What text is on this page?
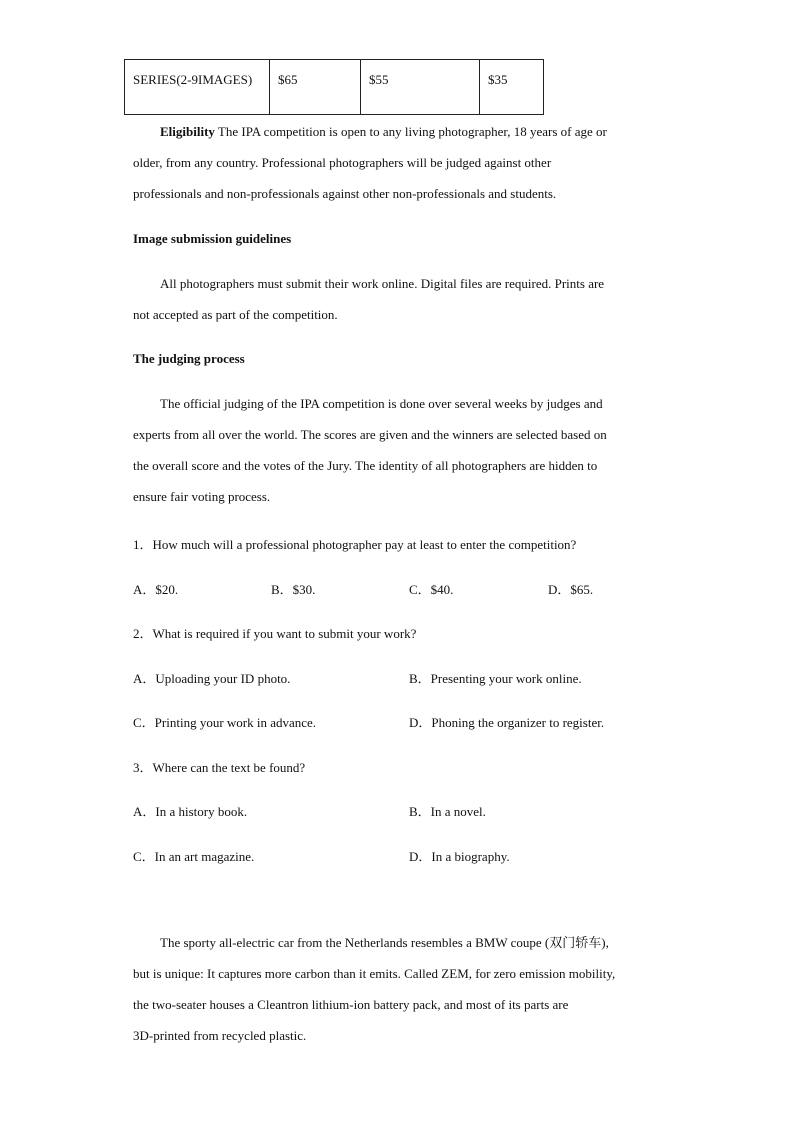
SERIES(2-9IMAGES)	$65	$55	$35
Eligibility The IPA competition is open to any living photographer, 18 years of age or
older, from any country. Professional photographers will be judged against other
professionals and non-professionals against other non-professionals and students.
Image submission guidelines
All photographers must submit their work online. Digital files are required. Prints are
not accepted as part of the competition.
The judging process
The official judging of the IPA competition is done over several weeks by judges and
experts from all over the world. The scores are given and the winners are selected based on
the overall score and the votes of the Jury. The identity of all photographers are hidden to
ensure fair voting process.
1．How much will a professional photographer pay at least to enter the competition?
A．$20.	B．$30.	C．$40.	D．$65.
2．What is required if you want to submit your work?
A．Uploading your ID photo.	B．Presenting your work online.
C．Printing your work in advance.	D．Phoning the organizer to register.
3．Where can the text be found?
A．In a history book.	B．In a novel.
C．In an art magazine.	D．In a biography.
The sporty all-electric car from the Netherlands resembles a BMW coupe (双门轿车),
but is unique: It captures more carbon than it emits. Called ZEM, for zero emission mobility,
the two-seater houses a Cleantron lithium-ion battery pack, and most of its parts are
3D-printed from recycled plastic.
